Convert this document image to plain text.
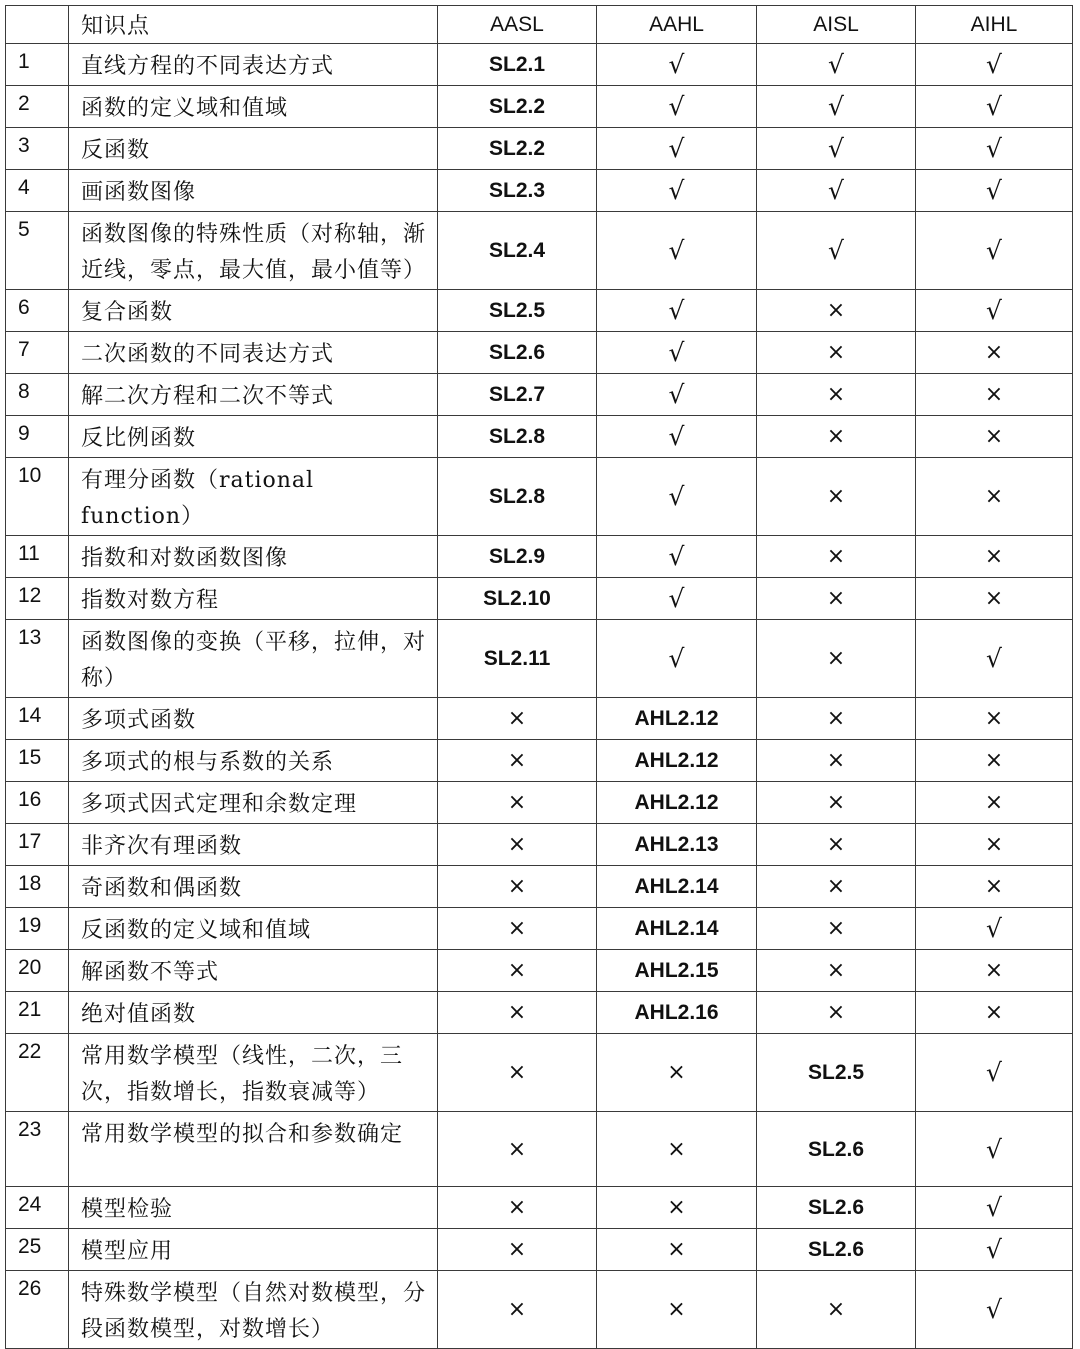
	知识点	AASL	AAHL	AISL	AIHL
1	直线方程的不同表达方式	SL2.1	√	√	√
2	函数的定义域和值域	SL2.2	√	√	√
3	反函数	SL2.2	√	√	√
4	画函数图像	SL2.3	√	√	√
5	函数图像的特殊性质（对称轴，渐近线，零点，最大值，最小值等）	SL2.4	√	√	√
6	复合函数	SL2.5	√	×	√
7	二次函数的不同表达方式	SL2.6	√	×	×
8	解二次方程和二次不等式	SL2.7	√	×	×
9	反比例函数	SL2.8	√	×	×
10	有理分函数（rational function）	SL2.8	√	×	×
11	指数和对数函数图像	SL2.9	√	×	×
12	指数对数方程	SL2.10	√	×	×
13	函数图像的变换（平移，拉伸，对称）	SL2.11	√	×	√
14	多项式函数	×	AHL2.12	×	×
15	多项式的根与系数的关系	×	AHL2.12	×	×
16	多项式因式定理和余数定理	×	AHL2.12	×	×
17	非齐次有理函数	×	AHL2.13	×	×
18	奇函数和偶函数	×	AHL2.14	×	×
19	反函数的定义域和值域	×	AHL2.14	×	√
20	解函数不等式	×	AHL2.15	×	×
21	绝对值函数	×	AHL2.16	×	×
22	常用数学模型（线性，二次，三次，指数增长，指数衰减等）	×	×	SL2.5	√
23	常用数学模型的拟合和参数确定	×	×	SL2.6	√
24	模型检验	×	×	SL2.6	√
25	模型应用	×	×	SL2.6	√
26	特殊数学模型（自然对数模型，分段函数模型，对数增长）	×	×	×	√
